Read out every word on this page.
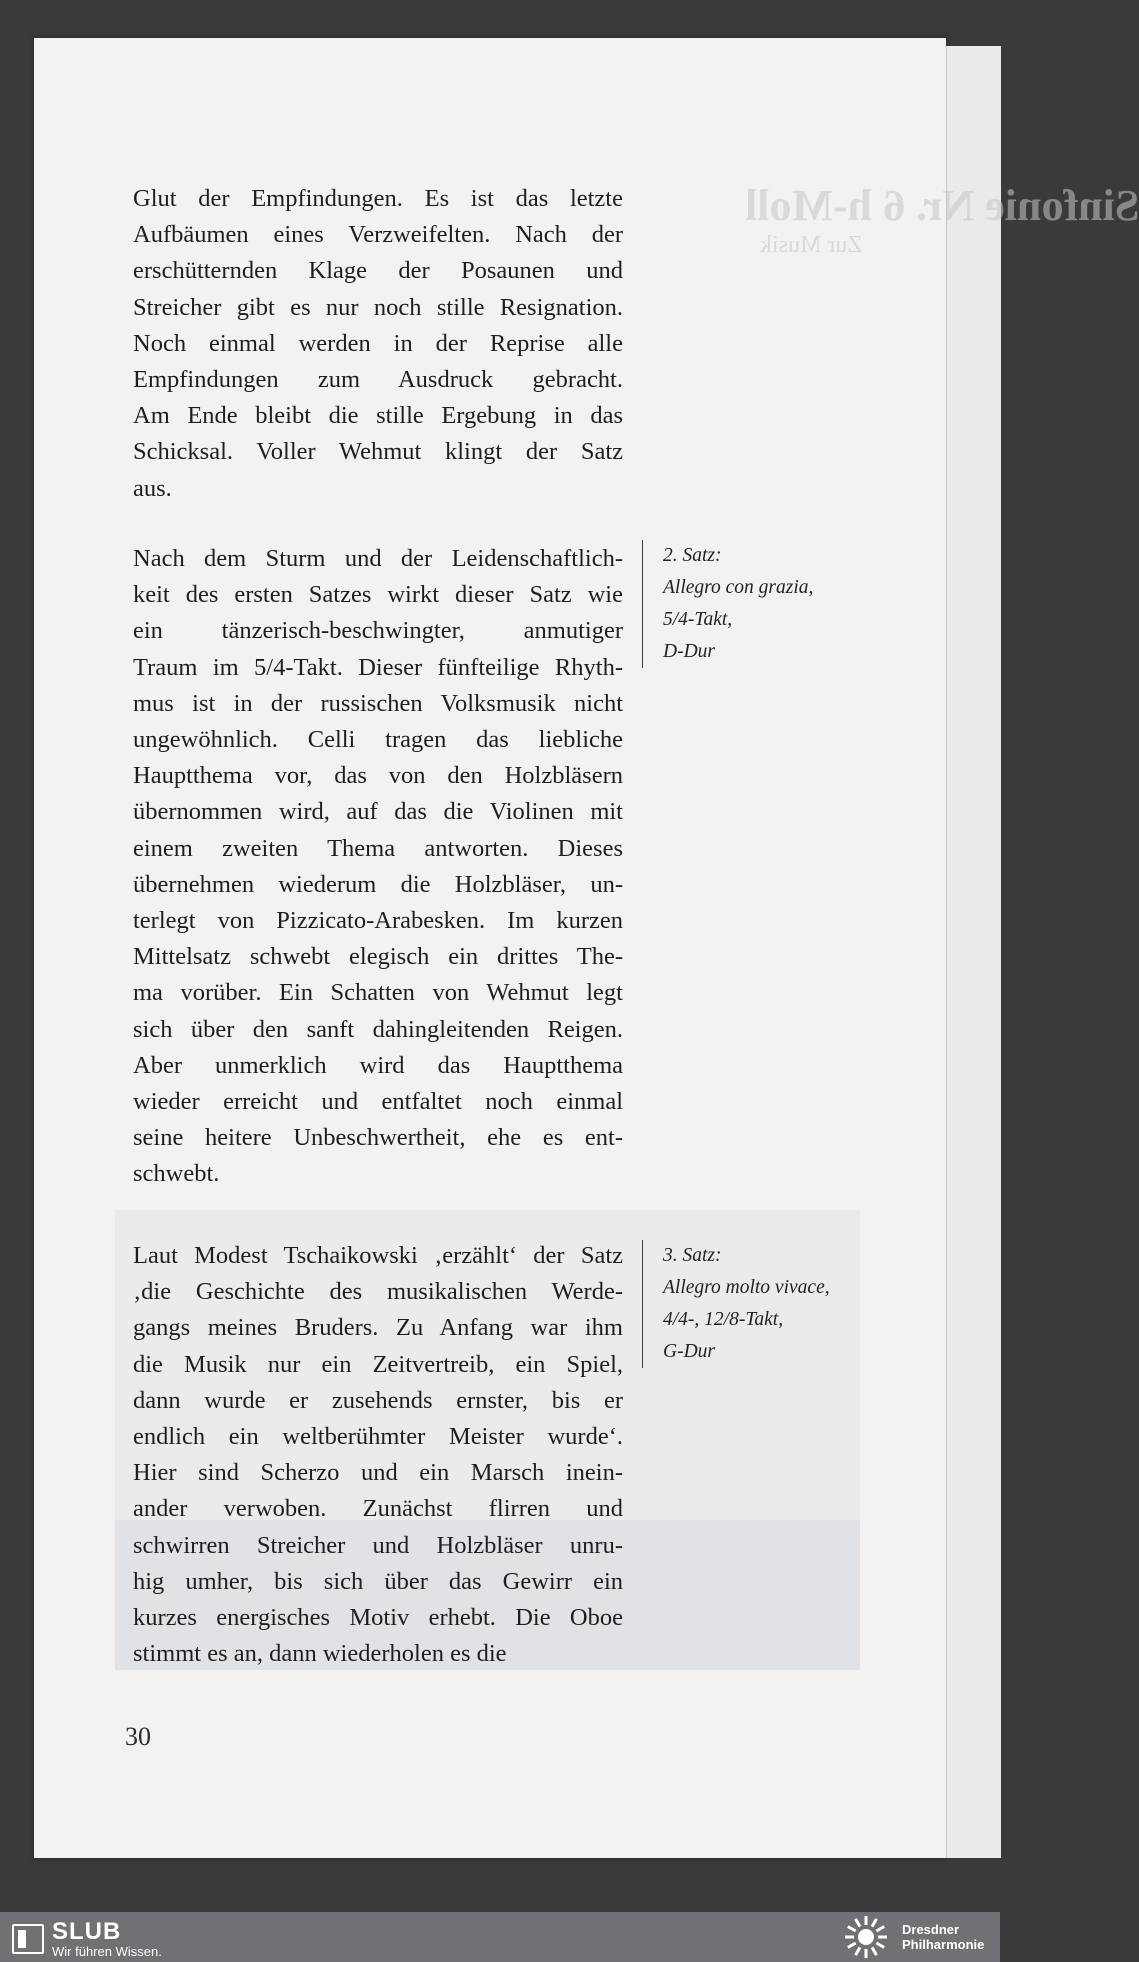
Sinfonie Nr. 6 h-Moll
Zur Musik
Glut der Empfindungen. Es ist das letzte
Aufbäumen eines Verzweifelten. Nach der
erschütternden Klage der Posaunen und
Streicher gibt es nur noch stille Resignation.
Noch einmal werden in der Reprise alle
Empfindungen zum Ausdruck gebracht.
Am Ende bleibt die stille Ergebung in das
Schicksal. Voller Wehmut klingt der Satz
aus.
Nach dem Sturm und der Leidenschaftlich-
keit des ersten Satzes wirkt dieser Satz wie
ein tänzerisch-beschwingter, anmutiger
Traum im 5/4-Takt. Dieser fünfteilige Rhyth-
mus ist in der russischen Volksmusik nicht
ungewöhnlich. Celli tragen das liebliche
Hauptthema vor, das von den Holzbläsern
übernommen wird, auf das die Violinen mit
einem zweiten Thema antworten. Dieses
übernehmen wiederum die Holzbläser, un-
terlegt von Pizzicato-Arabesken. Im kurzen
Mittelsatz schwebt elegisch ein drittes The-
ma vorüber. Ein Schatten von Wehmut legt
sich über den sanft dahingleitenden Reigen.
Aber unmerklich wird das Hauptthema
wieder erreicht und entfaltet noch einmal
seine heitere Unbeschwertheit, ehe es ent-
schwebt.
Laut Modest Tschaikowski ‚erzählt‘ der Satz
‚die Geschichte des musikalischen Werde-
gangs meines Bruders. Zu Anfang war ihm
die Musik nur ein Zeitvertreib, ein Spiel,
dann wurde er zusehends ernster, bis er
endlich ein weltberühmter Meister wurde‘.
Hier sind Scherzo und ein Marsch inein-
ander verwoben. Zunächst flirren und
schwirren Streicher und Holzbläser unru-
hig umher, bis sich über das Gewirr ein
kurzes energisches Motiv erhebt. Die Oboe
stimmt es an, dann wiederholen es die
2. Satz:
Allegro con grazia,
5/4-Takt,
D-Dur
3. Satz:
Allegro molto vivace,
4/4-, 12/8-Takt,
G-Dur
30
SLUB
Wir führen Wissen.
Dresdner
Philharmonie
